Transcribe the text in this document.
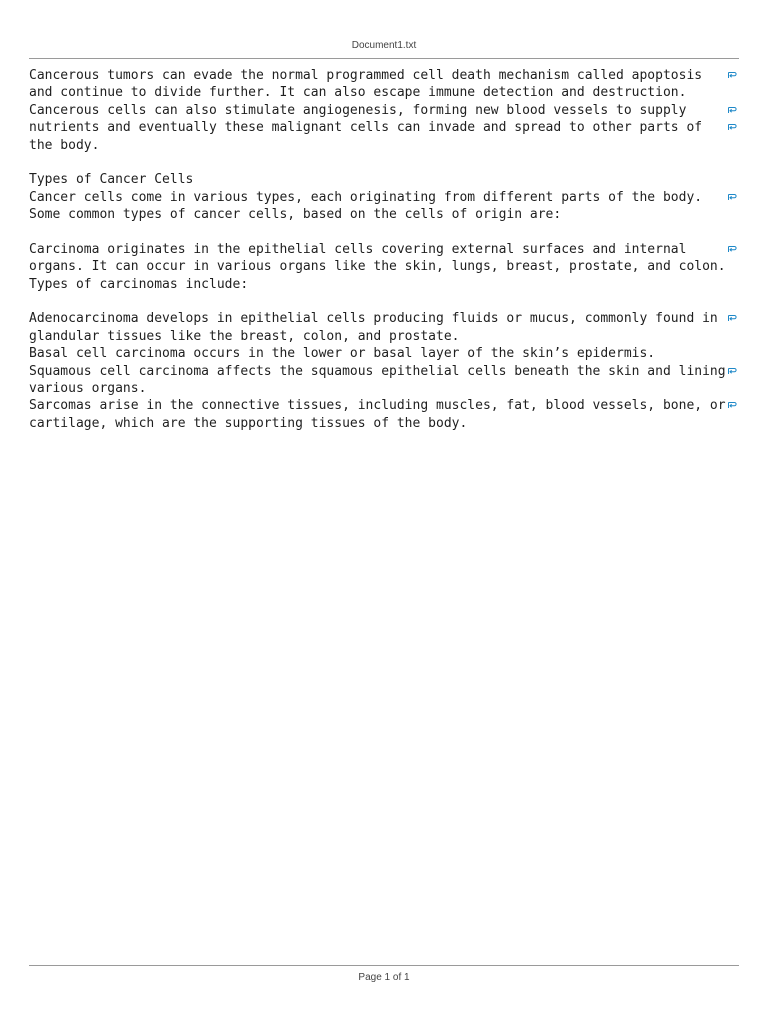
Document1.txt
Cancerous tumors can evade the normal programmed cell death mechanism called apoptosis
and continue to divide further. It can also escape immune detection and destruction.
Cancerous cells can also stimulate angiogenesis, forming new blood vessels to supply
nutrients and eventually these malignant cells can invade and spread to other parts of
the body.
Types of Cancer Cells
Cancer cells come in various types, each originating from different parts of the body.
Some common types of cancer cells, based on the cells of origin are:
Carcinoma originates in the epithelial cells covering external surfaces and internal
organs. It can occur in various organs like the skin, lungs, breast, prostate, and colon.
Types of carcinomas include:
Adenocarcinoma develops in epithelial cells producing fluids or mucus, commonly found in
glandular tissues like the breast, colon, and prostate.
Basal cell carcinoma occurs in the lower or basal layer of the skin’s epidermis.
Squamous cell carcinoma affects the squamous epithelial cells beneath the skin and lining
various organs.
Sarcomas arise in the connective tissues, including muscles, fat, blood vessels, bone, or
cartilage, which are the supporting tissues of the body.
Page 1 of 1
